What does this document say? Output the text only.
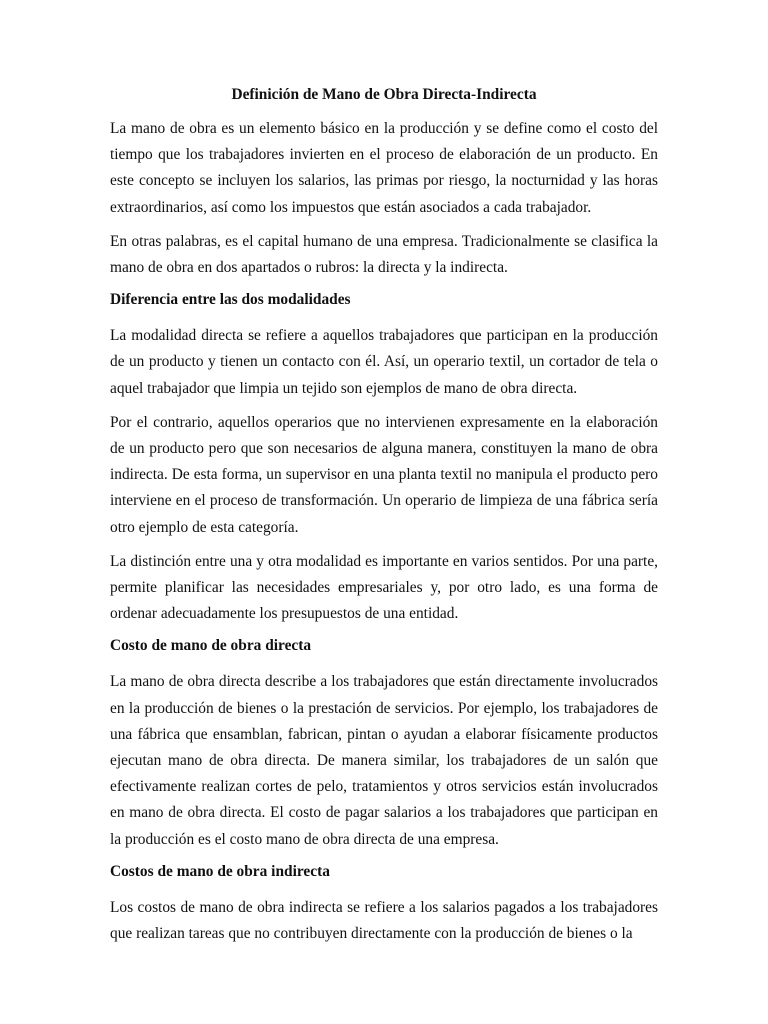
Definición de Mano de Obra Directa-Indirecta

La mano de obra es un elemento básico en la producción y se define como el costo del tiempo que los trabajadores invierten en el proceso de elaboración de un producto. En este concepto se incluyen los salarios, las primas por riesgo, la nocturnidad y las horas extraordinarios, así como los impuestos que están asociados a cada trabajador.

En otras palabras, es el capital humano de una empresa. Tradicionalmente se clasifica la mano de obra en dos apartados o rubros: la directa y la indirecta.

Diferencia entre las dos modalidades

La modalidad directa se refiere a aquellos trabajadores que participan en la producción de un producto y tienen un contacto con él. Así, un operario textil, un cortador de tela o aquel trabajador que limpia un tejido son ejemplos de mano de obra directa.

Por el contrario, aquellos operarios que no intervienen expresamente en la elaboración de un producto pero que son necesarios de alguna manera, constituyen la mano de obra indirecta. De esta forma, un supervisor en una planta textil no manipula el producto pero interviene en el proceso de transformación. Un operario de limpieza de una fábrica sería otro ejemplo de esta categoría.

La distinción entre una y otra modalidad es importante en varios sentidos. Por una parte, permite planificar las necesidades empresariales y, por otro lado, es una forma de ordenar adecuadamente los presupuestos de una entidad.

Costo de mano de obra directa

La mano de obra directa describe a los trabajadores que están directamente involucrados en la producción de bienes o la prestación de servicios. Por ejemplo, los trabajadores de una fábrica que ensamblan, fabrican, pintan o ayudan a elaborar físicamente productos ejecutan mano de obra directa. De manera similar, los trabajadores de un salón que efectivamente realizan cortes de pelo, tratamientos y otros servicios están involucrados en mano de obra directa. El costo de pagar salarios a los trabajadores que participan en la producción es el costo mano de obra directa de una empresa.

Costos de mano de obra indirecta

Los costos de mano de obra indirecta se refiere a los salarios pagados a los trabajadores que realizan tareas que no contribuyen directamente con la producción de bienes o la
